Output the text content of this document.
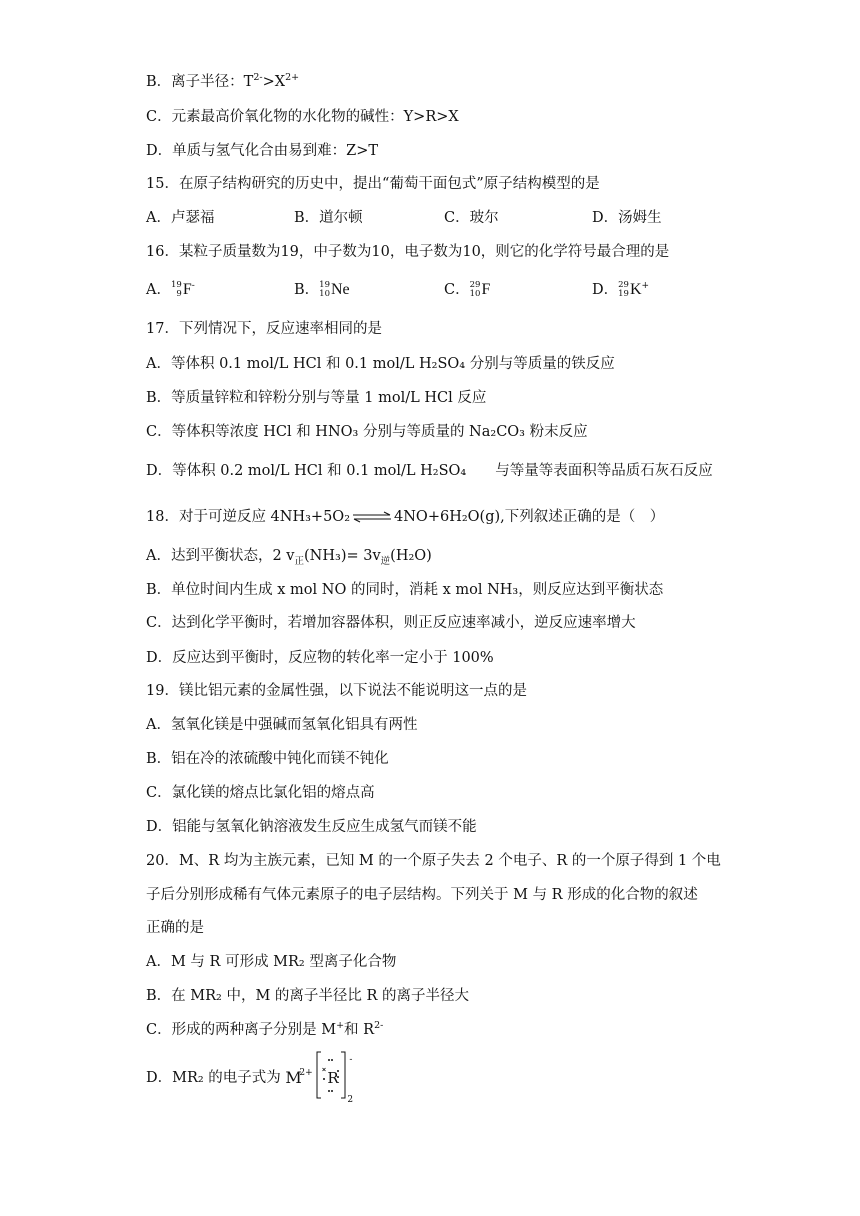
B．离子半径：$T^{2-}>X^{2+}$
C．元素最高价氧化物的水化物的碱性：Y>R>X
D．单质与氢气化合由易到难：Z>T
15．在原子结构研究的历史中，提出“葡萄干面包式”原子结构模型的是
A．卢瑟福	B．道尔顿	C．玻尔	D．汤姆生
16．某粒子质量数为19，中子数为10，电子数为10，则它的化学符号最合理的是
A． 19
9 F -	B． 19
10 Ne	C． 29
10 F	D． 29
19 K +
17．下列情况下，反应速率相同的是
A．等体积 0.1 mol/L HCl 和 0.1 mol/L H₂SO₄ 分别与等质量的铁反应
B．等质量锌粒和锌粉分别与等量 1 mol/L HCl 反应
C．等体积等浓度 HCl 和 HNO₃ 分别与等质量的 Na₂CO₃ 粉末反应
D．等体积 0.2 mol/L HCl 和 0.1 mol/L H₂SO₄　　与等量等表面积等品质石灰石反应
18．对于可逆反应 4NH₃+5O₂ ⇌ 4NO+6H₂O(g),下列叙述正确的是（　）
A．达到平衡状态，2 $v_正(NH_3)= 3v_逆(H_2O)$
B．单位时间内生成 x mol NO 的同时，消耗 x mol NH₃，则反应达到平衡状态
C．达到化学平衡时，若增加容器体积，则正反应速率减小，逆反应速率增大
D．反应达到平衡时，反应物的转化率一定小于 100%
19．镁比铝元素的金属性强，以下说法不能说明这一点的是
A．氢氧化镁是中强碱而氢氧化铝具有两性
B．铝在冷的浓硫酸中钝化而镁不钝化
C．氯化镁的熔点比氯化铝的熔点高
D．铝能与氢氧化钠溶液发生反应生成氢气而镁不能
20．M、R 均为主族元素，已知 M 的一个原子失去 2 个电子、R 的一个原子得到 1 个电
子后分别形成稀有气体元素原子的电子层结构。下列关于 M 与 R 形成的化合物的叙述
正确的是
A．M 与 R 可形成 MR₂ 型离子化合物
B．在 MR₂ 中，M 的离子半径比 R 的离子半径大
C．形成的两种离子分别是 M+和 $R^{2-}$
D．MR₂ 的电子式为 M
2+ R
-
2
